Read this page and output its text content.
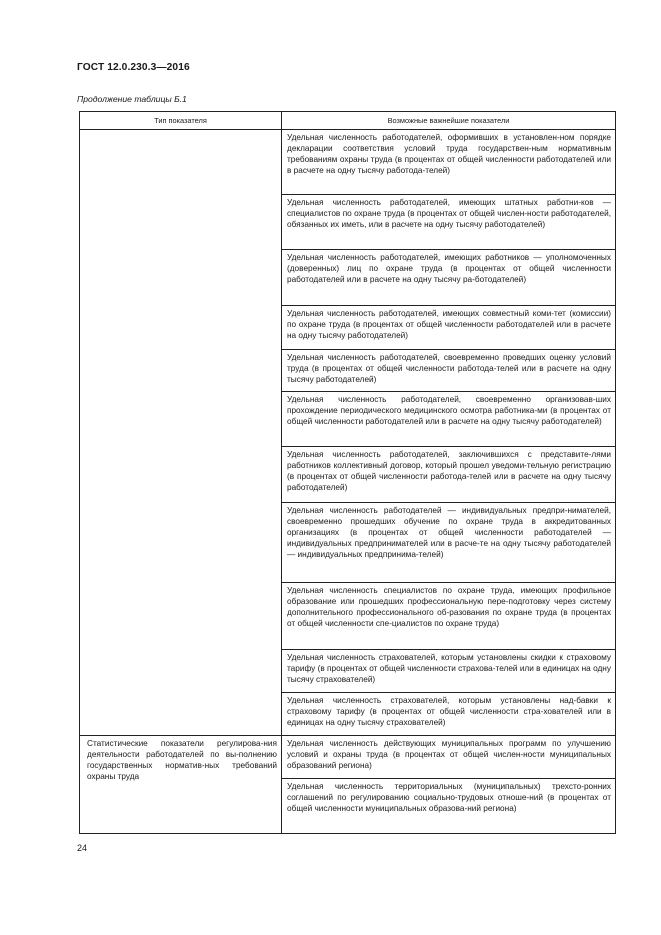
ГОСТ 12.0.230.3—2016
Продолжение таблицы Б.1
Тип показателя	Возможные важнейшие показатели
	Удельная численность работодателей, оформивших в установлен-ном порядке декларации соответствия условий труда государствен-ным нормативным требованиям охраны труда (в процентах от общей численности работодателей или в расчете на одну тысячу работода-телей)
	Удельная численность работодателей, имеющих штатных работни-ков — специалистов по охране труда (в процентах от общей числен-ности работодателей, обязанных их иметь, или в расчете на одну тысячу работодателей)
	Удельная численность работодателей, имеющих работников — уполномоченных (доверенных) лиц по охране труда (в процентах от общей численности работодателей или в расчете на одну тысячу ра-ботодателей)
	Удельная численность работодателей, имеющих совместный коми-тет (комиссии) по охране труда (в процентах от общей численности работодателей или в расчете на одну тысячу работодателей)
	Удельная численность работодателей, своевременно проведших оценку условий труда (в процентах от общей численности работода-телей или в расчете на одну тысячу работодателей)
	Удельная численность работодателей, своевременно организовав-ших прохождение периодического медицинского осмотра работника-ми (в процентах от общей численности работодателей или в расчете на одну тысячу работодателей)
	Удельная численность работодателей, заключившихся с представите-лями работников коллективный договор, который прошел уведоми-тельную регистрацию (в процентах от общей численности работода-телей или в расчете на одну тысячу работодателей)
	Удельная численность работодателей — индивидуальных предпри-нимателей, своевременно прошедших обучение по охране труда в аккредитованных организациях (в процентах от общей численности работодателей — индивидуальных предпринимателей или в расче-те на одну тысячу работодателей — индивидуальных предпринима-телей)
	Удельная численность специалистов по охране труда, имеющих профильное образование или прошедших профессиональную пере-подготовку через систему дополнительного профессионального об-разования по охране труда (в процентах от общей численности спе-циалистов по охране труда)
	Удельная численность страхователей, которым установлены скидки к страховому тарифу (в процентах от общей численности страхова-телей или в единицах на одну тысячу страхователей)
	Удельная численность страхователей, которым установлены над-бавки к страховому тарифу (в процентах от общей численности стра-хователей или в единицах на одну тысячу страхователей)
Статистические показатели регулирова-ния деятельности работодателей по вы-полнению государственных норматив-ных требований охраны труда	Удельная численность действующих муниципальных программ по улучшению условий и охраны труда (в процентах от общей числен-ности муниципальных образований региона)
	Удельная численность территориальных (муниципальных) трехсто-ронних соглашений по регулированию социально-трудовых отноше-ний (в процентах от общей численности муниципальных образова-ний региона)
24
